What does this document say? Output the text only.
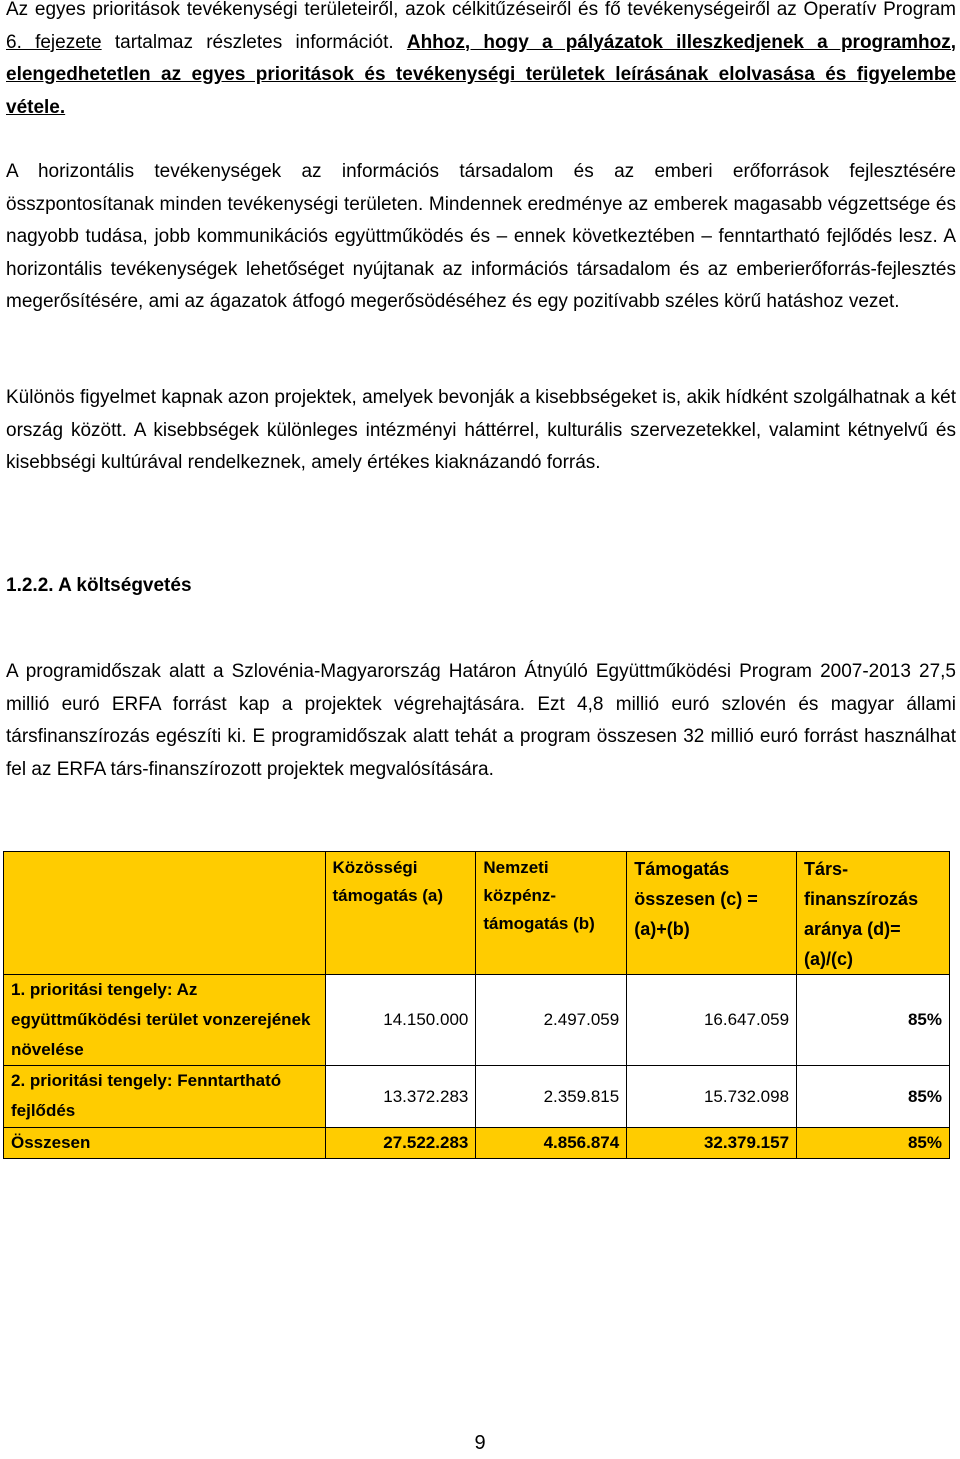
Az egyes prioritások tevékenységi területeiről, azok célkitűzéseiről és fő tevékenységeiről az Operatív Program 6. fejezete tartalmaz részletes információt. Ahhoz, hogy a pályázatok illeszkedjenek a programhoz, elengedhetetlen az egyes prioritások és tevékenységi területek leírásának elolvasása és figyelembe vétele.

A horizontális tevékenységek az információs társadalom és az emberi erőforrások fejlesztésére összpontosítanak minden tevékenységi területen. Mindennek eredménye az emberek magasabb végzettsége és nagyobb tudása, jobb kommunikációs együttműködés és – ennek következtében – fenntartható fejlődés lesz. A horizontális tevékenységek lehetőséget nyújtanak az információs társadalom és az emberierőforrás-fejlesztés megerősítésére, ami az ágazatok átfogó megerősödéséhez és egy pozitívabb széles körű hatáshoz vezet.

Különös figyelmet kapnak azon projektek, amelyek bevonják a kisebbségeket is, akik hídként szolgálhatnak a két ország között. A kisebbségek különleges intézményi háttérrel, kulturális szervezetekkel, valamint kétnyelvű és kisebbségi kultúrával rendelkeznek, amely értékes kiaknázandó forrás.

1.2.2. A költségvetés

A programidőszak alatt a Szlovénia-Magyarország Határon Átnyúló Együttműködési Program 2007-2013 27,5 millió euró ERFA forrást kap a projektek végrehajtására. Ezt 4,8 millió euró szlovén és magyar állami társfinanszírozás egészíti ki. E programidőszak alatt tehát a program összesen 32 millió euró forrást használhat fel az ERFA társ-finanszírozott projektek megvalósítására.

	Közösségi támogatás (a)	Nemzeti közpénz-támogatás (b)	Támogatás összesen (c) = (a)+(b)	Társ-finanszírozás aránya (d)= (a)/(c)
1. prioritási tengely: Az együttműködési terület vonzerejének növelése	14.150.000	2.497.059	16.647.059	85%
2. prioritási tengely: Fenntartható fejlődés	13.372.283	2.359.815	15.732.098	85%
Összesen	27.522.283	4.856.874	32.379.157	85%
9
